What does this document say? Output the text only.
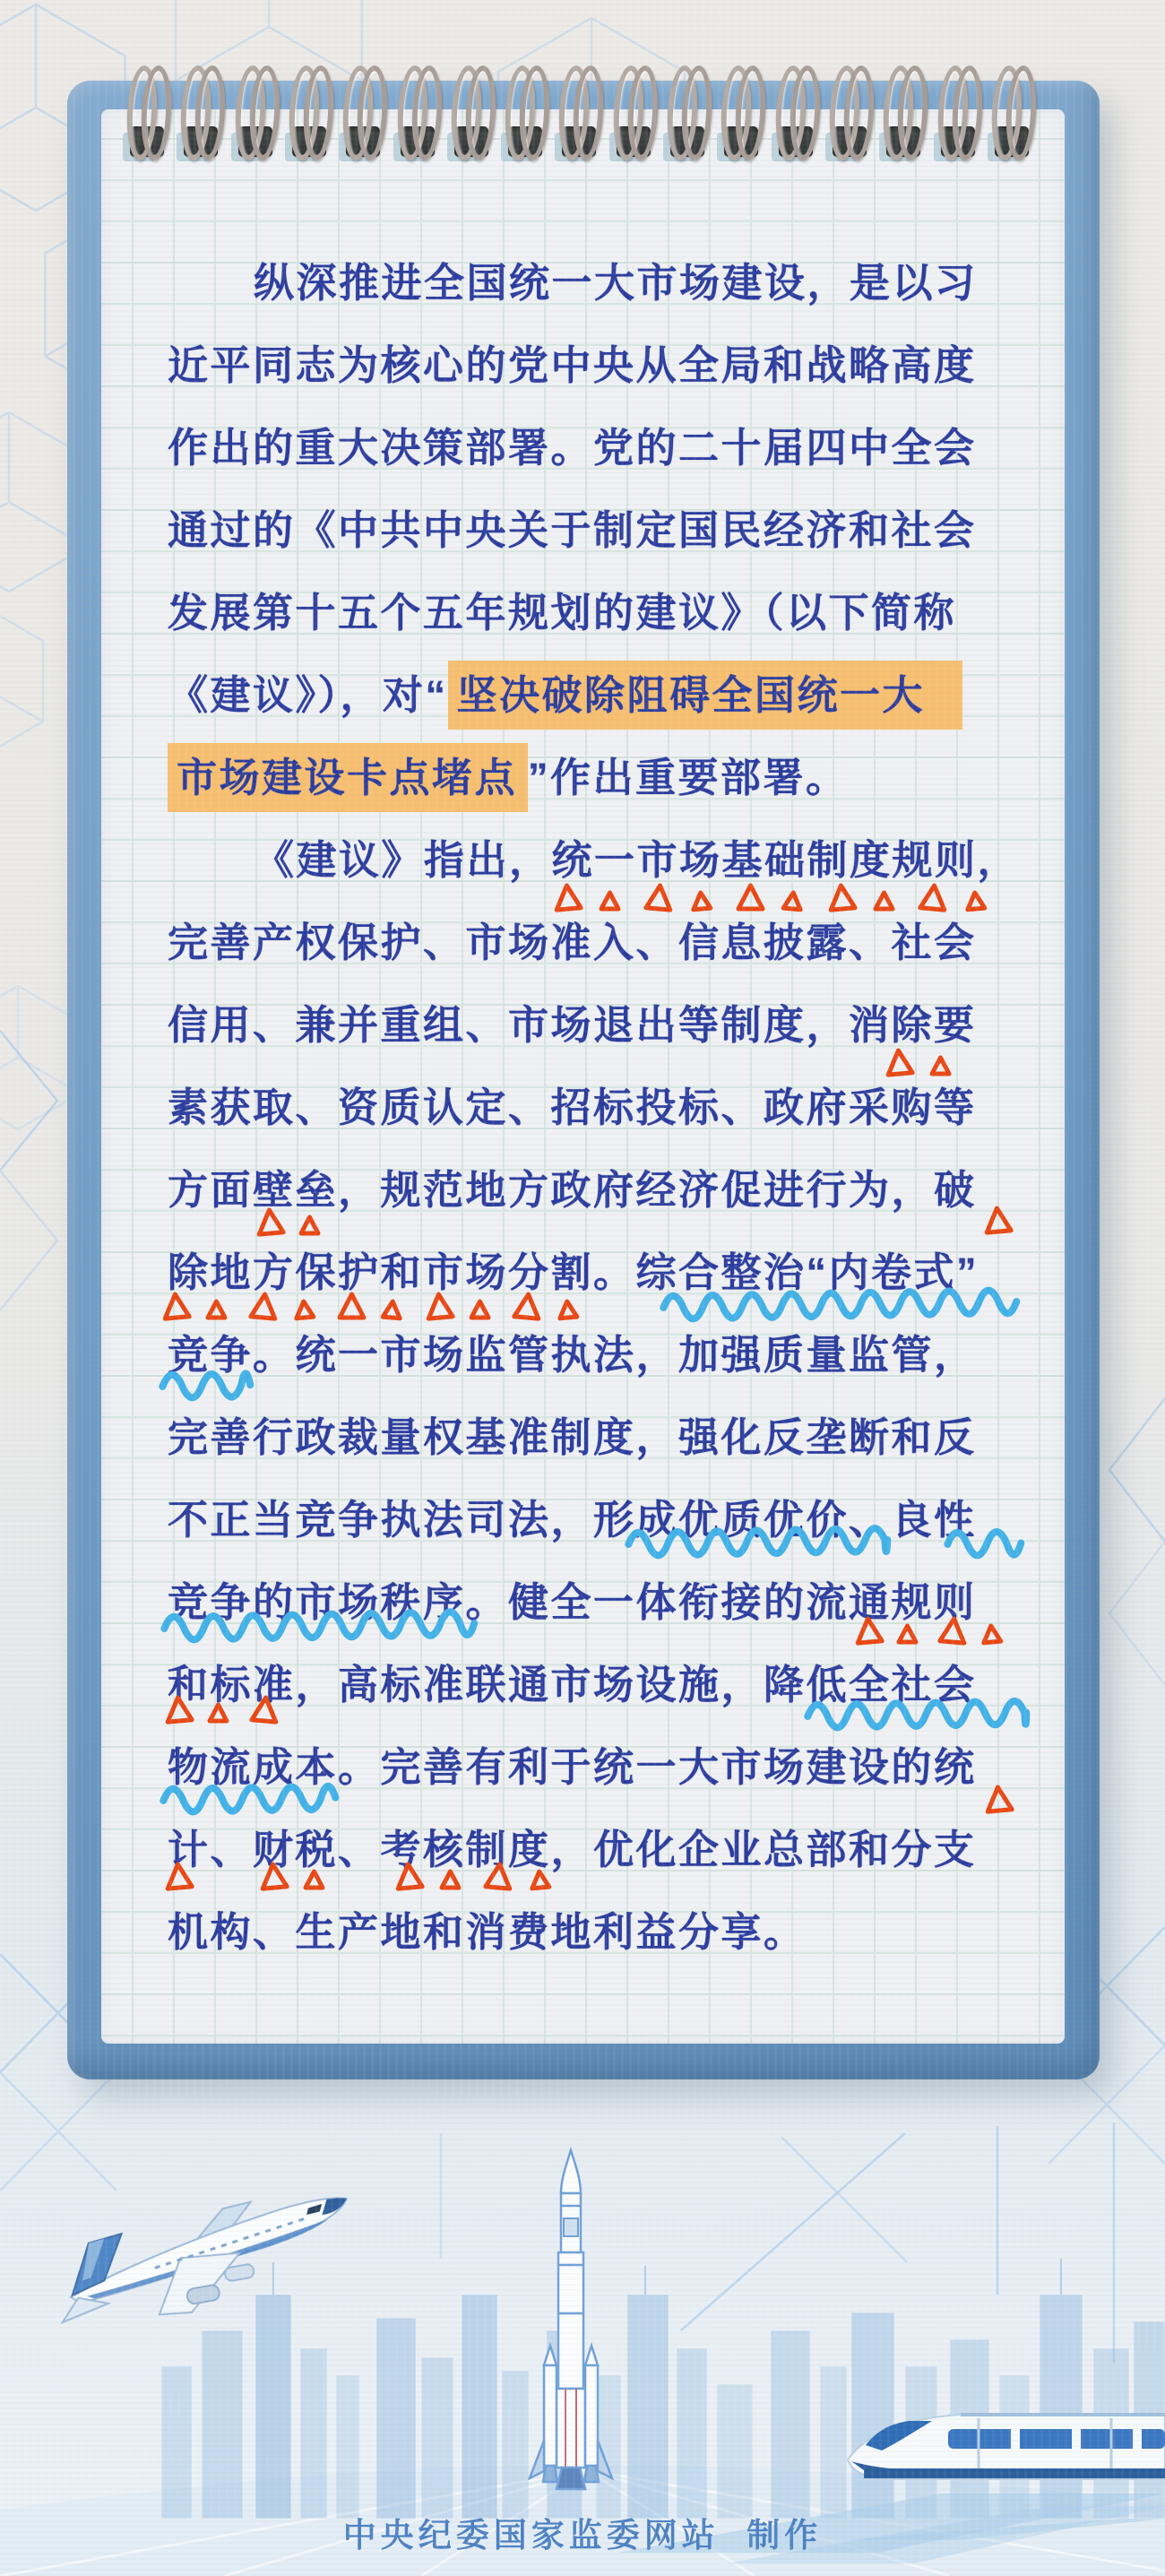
纵深推进全国统一大市场建设，是以习
近平同志为核心的党中央从全局和战略高度
作出的重大决策部署。党的二十届四中全会
通过的《中共中央关于制定国民经济和社会
发展第十五个五年规划的建议》（以下简称
《建议》），对“ 坚决破除阻碍全国统一大
市场建设卡点堵点 ”作出重要部署。
《建议》指出，统一市场基础制度规则，
完善产权保护、市场准入、信息披露、社会
信用、兼并重组、市场退出等制度，消除要
素获取、资质认定、招标投标、政府采购等
方面壁垒，规范地方政府经济促进行为，破
除地方保护和市场分割。综合整治“内卷式”
竞争。统一市场监管执法，加强质量监管，
完善行政裁量权基准制度，强化反垄断和反
不正当竞争执法司法，形成优质优价、良性
竞争的市场秩序。健全一体衔接的流通规则
和标准，高标准联通市场设施，降低全社会
物流成本。完善有利于统一大市场建设的统
计、财税、考核制度，优化企业总部和分支
机构、生产地和消费地利益分享。
中央纪委国家监委网站  制作
